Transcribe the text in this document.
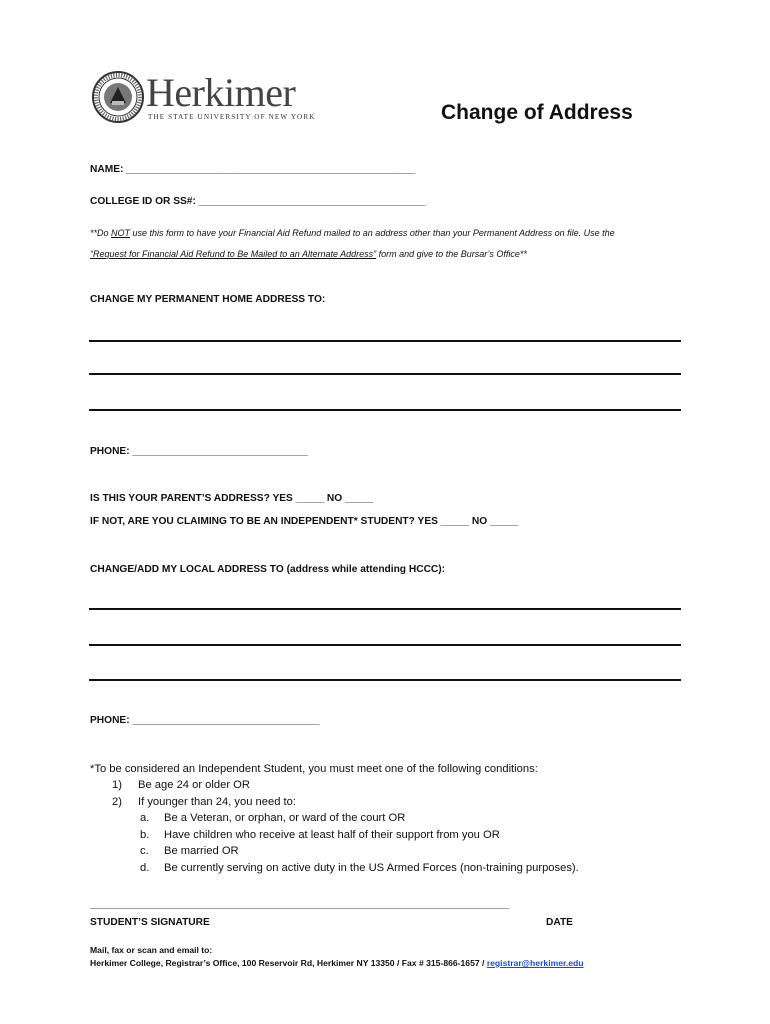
Herkimer
THE STATE UNIVERSITY OF NEW YORK	Change of Address
NAME: ___________________________________________________
COLLEGE ID OR SS#: ________________________________________
**Do NOT use this form to have your Financial Aid Refund mailed to an address other than your Permanent Address on file. Use the
“Request for Financial Aid Refund to Be Mailed to an Alternate Address” form and give to the Bursar’s Office**
CHANGE MY PERMANENT HOME ADDRESS TO:
PHONE: _______________________________
IS THIS YOUR PARENT’S ADDRESS? YES _____ NO _____
IF NOT, ARE YOU CLAIMING TO BE AN INDEPENDENT* STUDENT? YES _____ NO _____
CHANGE/ADD MY LOCAL ADDRESS TO (address while attending HCCC):
PHONE: _________________________________
*To be considered an Independent Student, you must meet one of the following conditions:
1) Be age 24 or older OR
2) If younger than 24, you need to:
a. Be a Veteran, or orphan, or ward of the court OR
b. Have children who receive at least half of their support from you OR
c. Be married OR
d. Be currently serving on active duty in the US Armed Forces (non-training purposes).
__________________________________________________________________________
STUDENT’S SIGNATURE	DATE
Mail, fax or scan and email to:
Herkimer College, Registrar’s Office, 100 Reservoir Rd, Herkimer NY 13350 / Fax # 315-866-1657 / registrar@herkimer.edu
